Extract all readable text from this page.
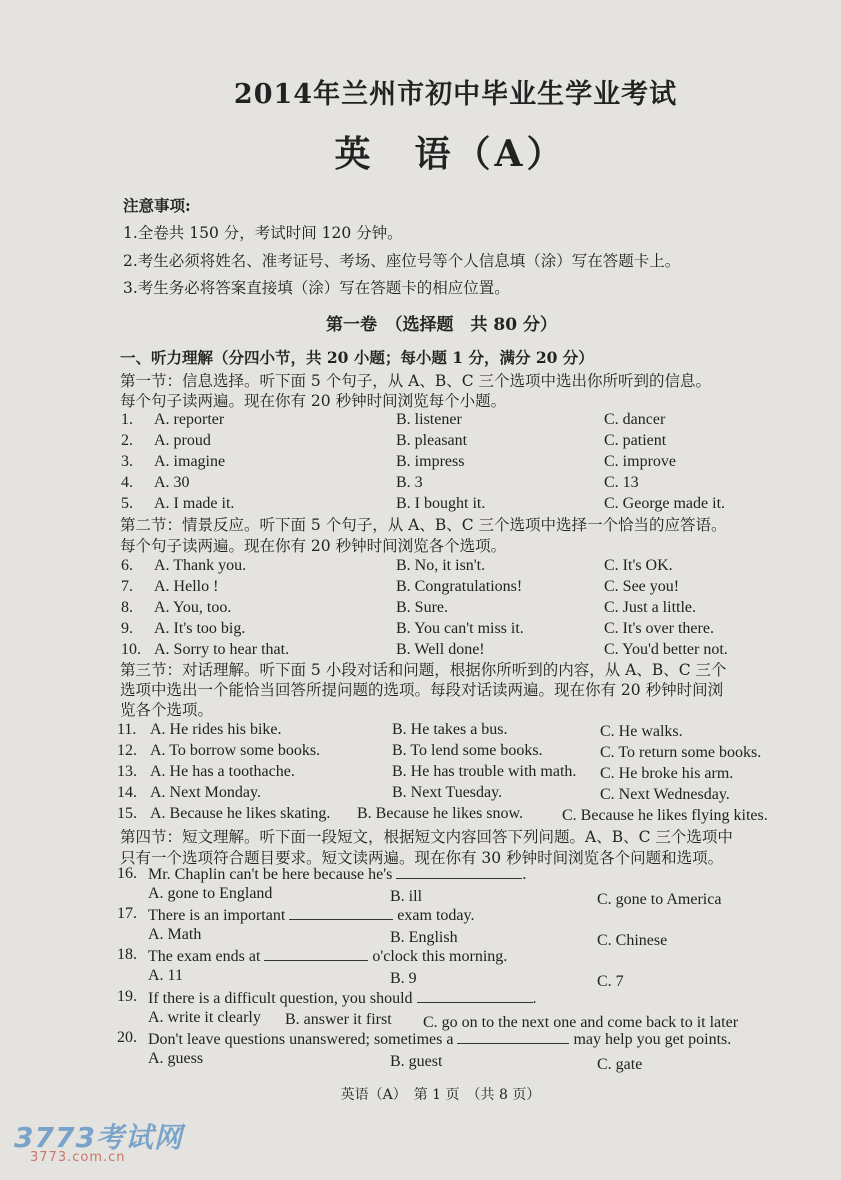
2014年兰州市初中毕业生学业考试
英　语（A）
注意事项:
1.全卷共 150 分，考试时间 120 分钟。
2.考生必须将姓名、准考证号、考场、座位号等个人信息填（涂）写在答题卡上。
3.考生务必将答案直接填（涂）写在答题卡的相应位置。
第一卷　（选择题　共 80 分）
一、听力理解（分四小节，共 20 小题；每小题 1 分，满分 20 分）
第一节：信息选择。听下面 5 个句子，从 A、B、C 三个选项中选出你所听到的信息。
每个句子读两遍。现在你有 20 秒钟时间浏览每个小题。
1. A. reporter	B. listener	C. dancer
2. A. proud	B. pleasant	C. patient
3. A. imagine	B. impress	C. improve
4. A. 30	B. 3	C. 13
5. A. I made it.	B. I bought it.	C. George made it.
6. A. Thank you.	B. No, it isn't.	C. It's OK.
7. A. Hello !	B. Congratulations!	C. See you!
8. A. You, too.	B. Sure.	C. Just a little.
9. A. It's too big.	B. You can't miss it.	C. It's over there.
10. A. Sorry to hear that.	B. Well done!	C. You'd better not.
11. A. He rides his bike.	B. He takes a bus.	C. He walks.
12. A. To borrow some books.	B. To lend some books.	C. To return some books.
13. A. He has a toothache.	B. He has trouble with math. C. He broke his arm.
14. A. Next Monday.	B. Next Tuesday.	C. Next Wednesday.
15. A. Because he likes skating. B. Because he likes snow. C. Because he likes flying kites.
第二节：情景反应。听下面 5 个句子，从 A、B、C 三个选项中选择一个恰当的应答语。
每个句子读两遍。现在你有 20 秒钟时间浏览各个选项。
第三节：对话理解。听下面 5 小段对话和问题，根据你所听到的内容，从 A、B、C 三个
选项中选出一个能恰当回答所提问题的选项。每段对话读两遍。现在你有 20 秒钟时间浏
览各个选项。
第四节：短文理解。听下面一段短文，根据短文内容回答下列问题。A、B、C 三个选项中
只有一个选项符合题目要求。短文读两遍。现在你有 30 秒钟时间浏览各个问题和选项。
16. Mr. Chaplin can't be here because he's	.
A. gone to England	B. ill	C. gone to America
17. There is an important	exam today.
A. Math	B. English	C. Chinese
18. The exam ends at	o'clock this morning.
A. 11	B. 9	C. 7
19. If there is a difficult question, you should	.
A. write it clearly B. answer it first C. go on to the next one and come back to it later
20. Don't leave questions unanswered; sometimes a	may help you get points.
A. guess	B. guest	C. gate
英语（A）　第 1 页　（共 8 页）
3773考试网
3773.com.cn
